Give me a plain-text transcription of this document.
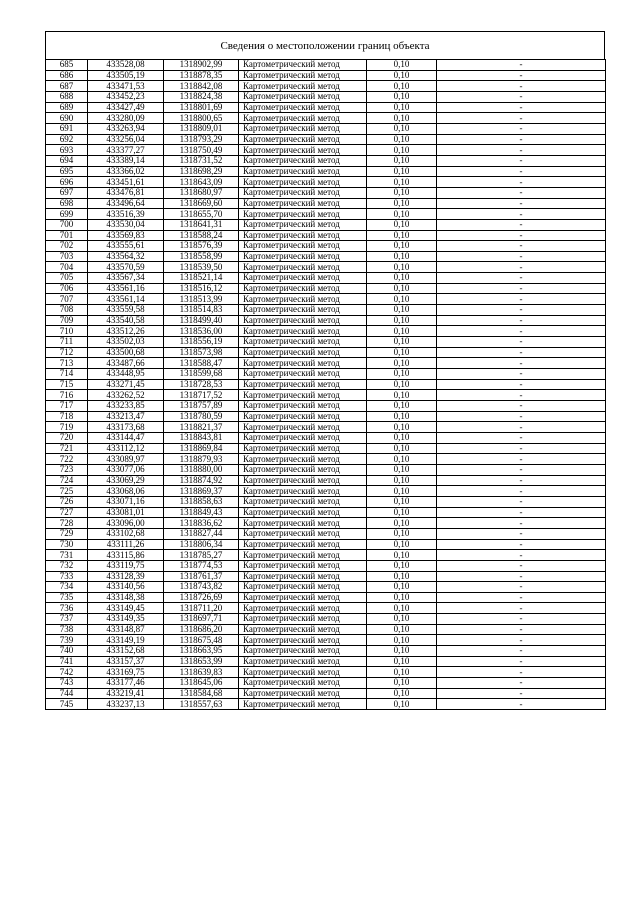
Сведения о местоположении границ объекта
685	433528,08	1318902,99	Картометрический метод	0,10	-
686	433505,19	1318878,35	Картометрический метод	0,10	-
687	433471,53	1318842,08	Картометрический метод	0,10	-
688	433452,23	1318824,38	Картометрический метод	0,10	-
689	433427,49	1318801,69	Картометрический метод	0,10	-
690	433280,09	1318800,65	Картометрический метод	0,10	-
691	433263,94	1318809,01	Картометрический метод	0,10	-
692	433256,04	1318793,29	Картометрический метод	0,10	-
693	433377,27	1318750,49	Картометрический метод	0,10	-
694	433389,14	1318731,52	Картометрический метод	0,10	-
695	433366,02	1318698,29	Картометрический метод	0,10	-
696	433451,61	1318643,09	Картометрический метод	0,10	-
697	433476,81	1318680,97	Картометрический метод	0,10	-
698	433496,64	1318669,60	Картометрический метод	0,10	-
699	433516,39	1318655,70	Картометрический метод	0,10	-
700	433530,04	1318641,31	Картометрический метод	0,10	-
701	433569,83	1318588,24	Картометрический метод	0,10	-
702	433555,61	1318576,39	Картометрический метод	0,10	-
703	433564,32	1318558,99	Картометрический метод	0,10	-
704	433570,59	1318539,50	Картометрический метод	0,10	-
705	433567,34	1318521,14	Картометрический метод	0,10	-
706	433561,16	1318516,12	Картометрический метод	0,10	-
707	433561,14	1318513,99	Картометрический метод	0,10	-
708	433559,58	1318514,83	Картометрический метод	0,10	-
709	433540,58	1318499,40	Картометрический метод	0,10	-
710	433512,26	1318536,00	Картометрический метод	0,10	-
711	433502,03	1318556,19	Картометрический метод	0,10	-
712	433500,68	1318573,98	Картометрический метод	0,10	-
713	433487,66	1318588,47	Картометрический метод	0,10	-
714	433448,95	1318599,68	Картометрический метод	0,10	-
715	433271,45	1318728,53	Картометрический метод	0,10	-
716	433262,52	1318717,52	Картометрический метод	0,10	-
717	433233,85	1318757,89	Картометрический метод	0,10	-
718	433213,47	1318780,59	Картометрический метод	0,10	-
719	433173,68	1318821,37	Картометрический метод	0,10	-
720	433144,47	1318843,81	Картометрический метод	0,10	-
721	433112,12	1318869,84	Картометрический метод	0,10	-
722	433089,97	1318879,93	Картометрический метод	0,10	-
723	433077,06	1318880,00	Картометрический метод	0,10	-
724	433069,29	1318874,92	Картометрический метод	0,10	-
725	433068,06	1318869,37	Картометрический метод	0,10	-
726	433071,16	1318858,63	Картометрический метод	0,10	-
727	433081,01	1318849,43	Картометрический метод	0,10	-
728	433096,00	1318836,62	Картометрический метод	0,10	-
729	433102,68	1318827,44	Картометрический метод	0,10	-
730	433111,26	1318806,34	Картометрический метод	0,10	-
731	433115,86	1318785,27	Картометрический метод	0,10	-
732	433119,75	1318774,53	Картометрический метод	0,10	-
733	433128,39	1318761,37	Картометрический метод	0,10	-
734	433140,56	1318743,82	Картометрический метод	0,10	-
735	433148,38	1318726,69	Картометрический метод	0,10	-
736	433149,45	1318711,20	Картометрический метод	0,10	-
737	433149,35	1318697,71	Картометрический метод	0,10	-
738	433148,87	1318686,20	Картометрический метод	0,10	-
739	433149,19	1318675,48	Картометрический метод	0,10	-
740	433152,68	1318663,95	Картометрический метод	0,10	-
741	433157,37	1318653,99	Картометрический метод	0,10	-
742	433169,75	1318639,83	Картометрический метод	0,10	-
743	433177,46	1318645,06	Картометрический метод	0,10	-
744	433219,41	1318584,68	Картометрический метод	0,10	-
745	433237,13	1318557,63	Картометрический метод	0,10	-
